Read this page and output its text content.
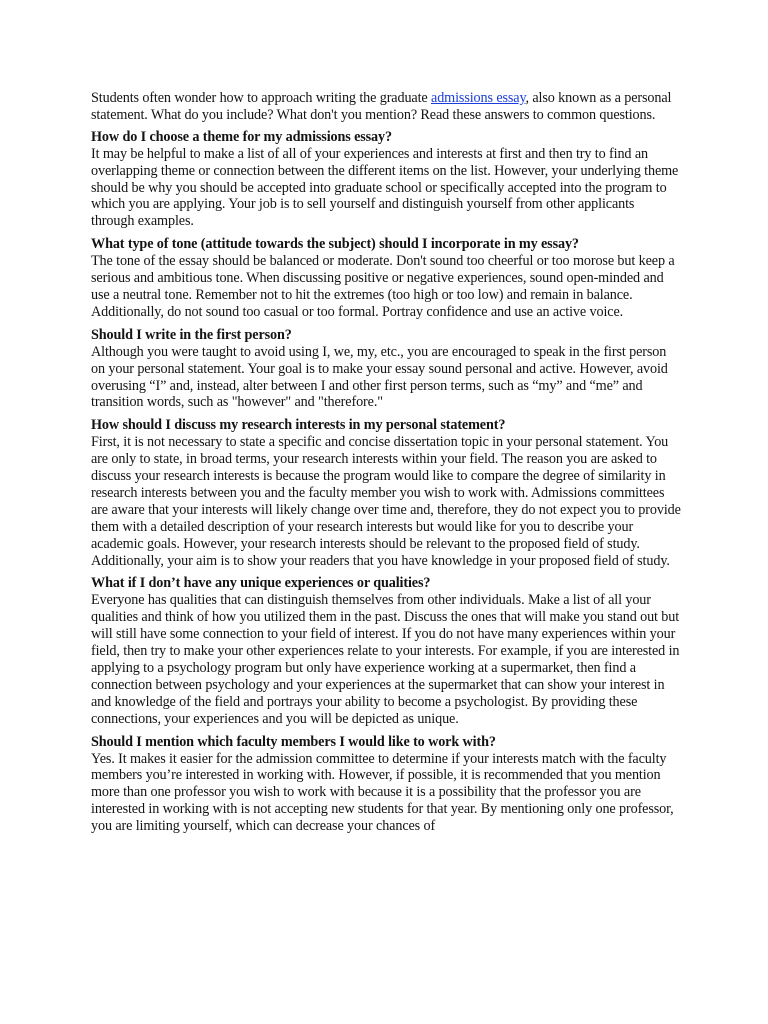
Students often wonder how to approach writing the graduate admissions essay, also known as a personal statement. What do you include? What don't you mention? Read these answers to common questions.

How do I choose a theme for my admissions essay?

It may be helpful to make a list of all of your experiences and interests at first and then try to find an overlapping theme or connection between the different items on the list. However, your underlying theme should be why you should be accepted into graduate school or specifically accepted into the program to which you are applying. Your job is to sell yourself and distinguish yourself from other applicants through examples.

What type of tone (attitude towards the subject) should I incorporate in my essay?

The tone of the essay should be balanced or moderate. Don't sound too cheerful or too morose but keep a serious and ambitious tone. When discussing positive or negative experiences, sound open-minded and use a neutral tone. Remember not to hit the extremes (too high or too low) and remain in balance. Additionally, do not sound too casual or too formal. Portray confidence and use an active voice.

Should I write in the first person?

Although you were taught to avoid using I, we, my, etc., you are encouraged to speak in the first person on your personal statement. Your goal is to make your essay sound personal and active. However, avoid overusing “I” and, instead, alter between I and other first person terms, such as “my” and “me” and transition words, such as "however" and "therefore."

How should I discuss my research interests in my personal statement?

First, it is not necessary to state a specific and concise dissertation topic in your personal statement. You are only to state, in broad terms, your research interests within your field. The reason you are asked to discuss your research interests is because the program would like to compare the degree of similarity in research interests between you and the faculty member you wish to work with. Admissions committees are aware that your interests will likely change over time and, therefore, they do not expect you to provide them with a detailed description of your research interests but would like for you to describe your academic goals. However, your research interests should be relevant to the proposed field of study. Additionally, your aim is to show your readers that you have knowledge in your proposed field of study.

What if I don’t have any unique experiences or qualities?

Everyone has qualities that can distinguish themselves from other individuals. Make a list of all your qualities and think of how you utilized them in the past. Discuss the ones that will make you stand out but will still have some connection to your field of interest. If you do not have many experiences within your field, then try to make your other experiences relate to your interests. For example, if you are interested in applying to a psychology program but only have experience working at a supermarket, then find a connection between psychology and your experiences at the supermarket that can show your interest in and knowledge of the field and portrays your ability to become a psychologist. By providing these connections, your experiences and you will be depicted as unique.

Should I mention which faculty members I would like to work with?

Yes. It makes it easier for the admission committee to determine if your interests match with the faculty members you’re interested in working with. However, if possible, it is recommended that you mention more than one professor you wish to work with because it is a possibility that the professor you are interested in working with is not accepting new students for that year. By mentioning only one professor, you are limiting yourself, which can decrease your chances of
